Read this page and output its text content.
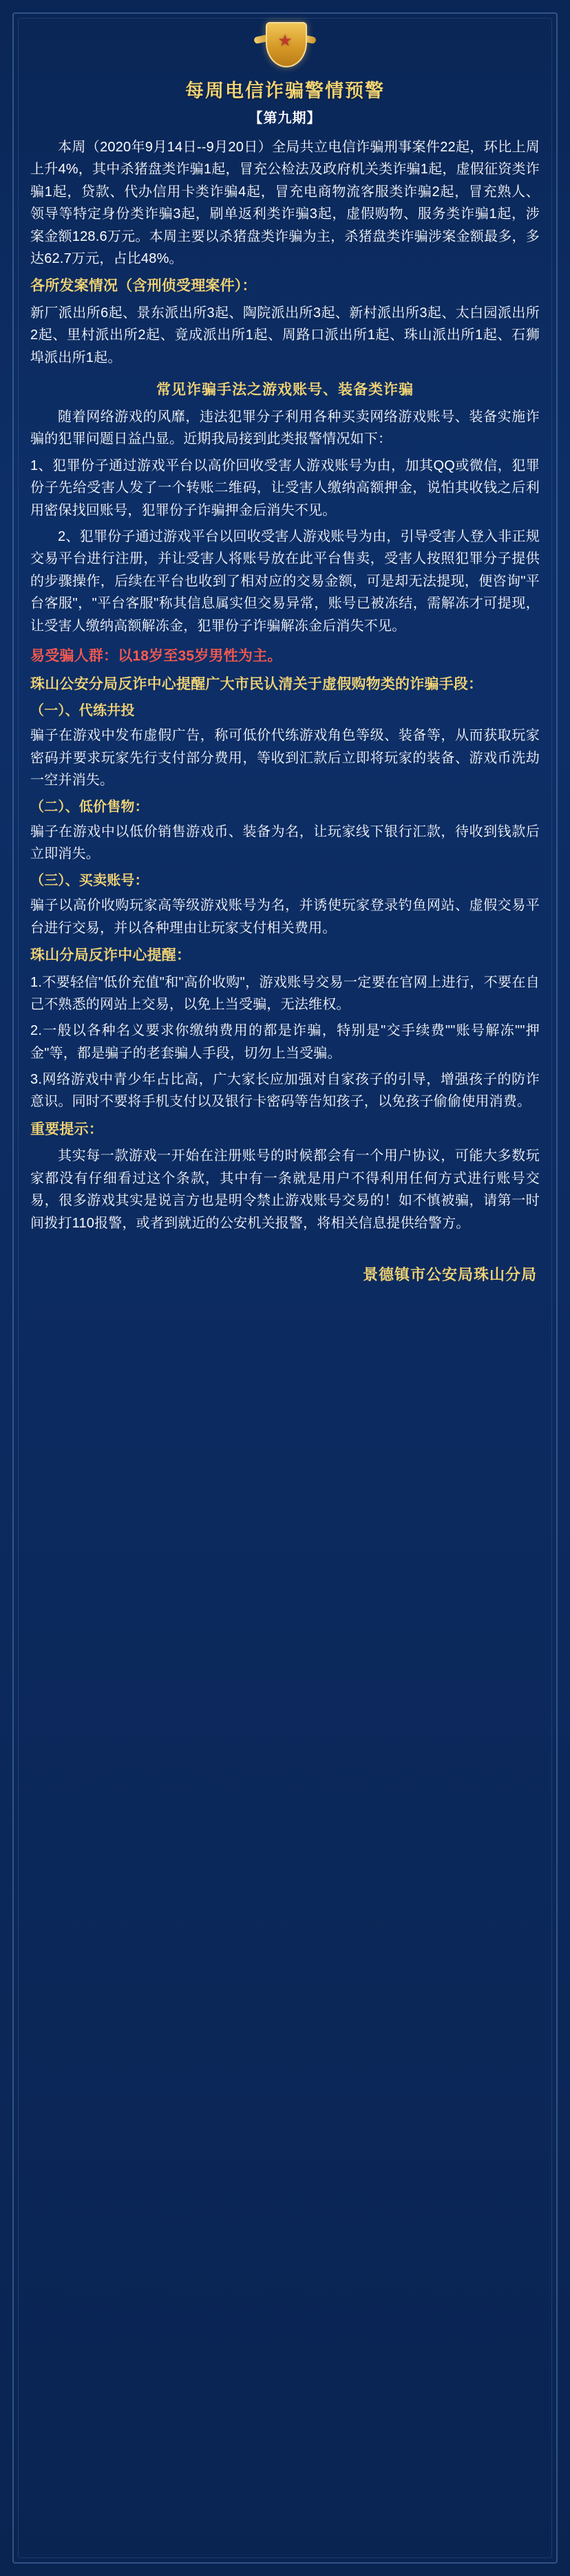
★
每周电信诈骗警情预警
【第九期】

本周（2020年9月14日--9月20日）全局共立电信诈骗刑事案件22起，环比上周上升4%，其中杀猪盘类诈骗1起，冒充公检法及政府机关类诈骗1起，虚假征资类诈骗1起，贷款、代办信用卡类诈骗4起，冒充电商物流客服类诈骗2起，冒充熟人、领导等特定身份类诈骗3起，刷单返利类诈骗3起，虚假购物、服务类诈骗1起，涉案金额128.6万元。本周主要以杀猪盘类诈骗为主，杀猪盘类诈骗涉案金额最多，多达62.7万元，占比48%。

各所发案情况（含刑侦受理案件）：

新厂派出所6起、景东派出所3起、陶院派出所3起、新村派出所3起、太白园派出所2起、里村派出所2起、竟成派出所1起、周路口派出所1起、珠山派出所1起、石狮埠派出所1起。

常见诈骗手法之游戏账号、装备类诈骗

随着网络游戏的风靡，违法犯罪分子利用各种买卖网络游戏账号、装备实施诈骗的犯罪问题日益凸显。近期我局接到此类报警情况如下：

1、犯罪份子通过游戏平台以高价回收受害人游戏账号为由，加其QQ或微信，犯罪份子先给受害人发了一个转账二维码，让受害人缴纳高额押金，说怕其收钱之后利用密保找回账号，犯罪份子诈骗押金后消失不见。

2、犯罪份子通过游戏平台以回收受害人游戏账号为由，引导受害人登入非正规交易平台进行注册，并让受害人将账号放在此平台售卖，受害人按照犯罪分子提供的步骤操作，后续在平台也收到了相对应的交易金额，可是却无法提现，便咨询"平台客服"，"平台客服"称其信息属实但交易异常，账号已被冻结，需解冻才可提现，让受害人缴纳高额解冻金，犯罪份子诈骗解冻金后消失不见。

易受骗人群：以18岁至35岁男性为主。

珠山公安分局反诈中心提醒广大市民认清关于虚假购物类的诈骗手段：

（一）、代练井投

骗子在游戏中发布虚假广告，称可低价代练游戏角色等级、装备等，从而获取玩家密码并要求玩家先行支付部分费用，等收到汇款后立即将玩家的装备、游戏币洗劫一空并消失。

（二）、低价售物：

骗子在游戏中以低价销售游戏币、装备为名，让玩家线下银行汇款，待收到钱款后立即消失。

（三）、买卖账号：

骗子以高价收购玩家高等级游戏账号为名，并诱使玩家登录钓鱼网站、虚假交易平台进行交易，并以各种理由让玩家支付相关费用。

珠山分局反诈中心提醒：

1.不要轻信"低价充值"和"高价收购"，游戏账号交易一定要在官网上进行，不要在自己不熟悉的网站上交易，以免上当受骗，无法维权。

2.一般以各种名义要求你缴纳费用的都是诈骗，特别是"交手续费""账号解冻""押金"等，都是骗子的老套骗人手段，切勿上当受骗。

3.网络游戏中青少年占比高，广大家长应加强对自家孩子的引导，增强孩子的防诈意识。同时不要将手机支付以及银行卡密码等告知孩子，以免孩子偷偷使用消费。

重要提示：

其实每一款游戏一开始在注册账号的时候都会有一个用户协议，可能大多数玩家都没有仔细看过这个条款，其中有一条就是用户不得利用任何方式进行账号交易，很多游戏其实是说言方也是明令禁止游戏账号交易的！如不慎被骗，请第一时间拨打110报警，或者到就近的公安机关报警，将相关信息提供给警方。

景德镇市公安局珠山分局
